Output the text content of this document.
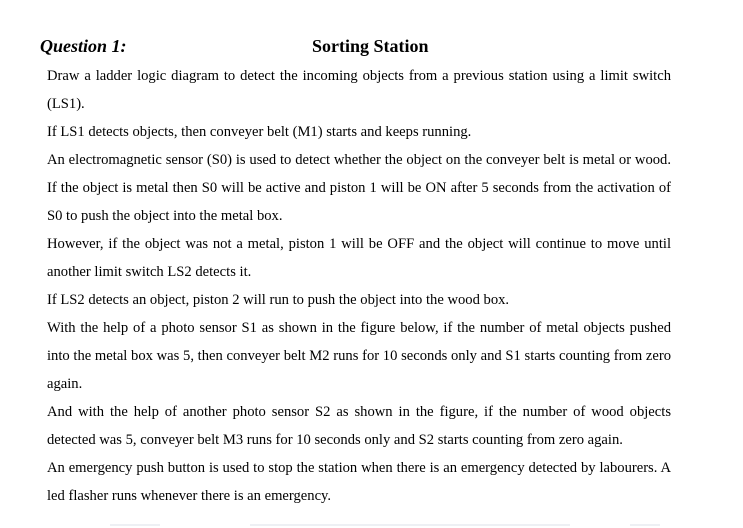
Question 1:	Sorting Station

Draw a ladder logic diagram to detect the incoming objects from a previous station using a limit switch (LS1).

If LS1 detects objects, then conveyer belt (M1) starts and keeps running.

An electromagnetic sensor (S0) is used to detect whether the object on the conveyer belt is metal or wood. If the object is metal then S0 will be active and piston 1 will be ON after 5 seconds from the activation of S0 to push the object into the metal box.

However, if the object was not a metal, piston 1 will be OFF and the object will continue to move until another limit switch LS2 detects it.

If LS2 detects an object, piston 2 will run to push the object into the wood box.

With the help of a photo sensor S1 as shown in the figure below, if the number of metal objects pushed into the metal box was 5, then conveyer belt M2 runs for 10 seconds only and S1 starts counting from zero again.

And with the help of another photo sensor S2 as shown in the figure, if the number of wood objects detected was 5, conveyer belt M3 runs for 10 seconds only and S2 starts counting from zero again.

An emergency push button is used to stop the station when there is an emergency detected by labourers. A led flasher runs whenever there is an emergency.
